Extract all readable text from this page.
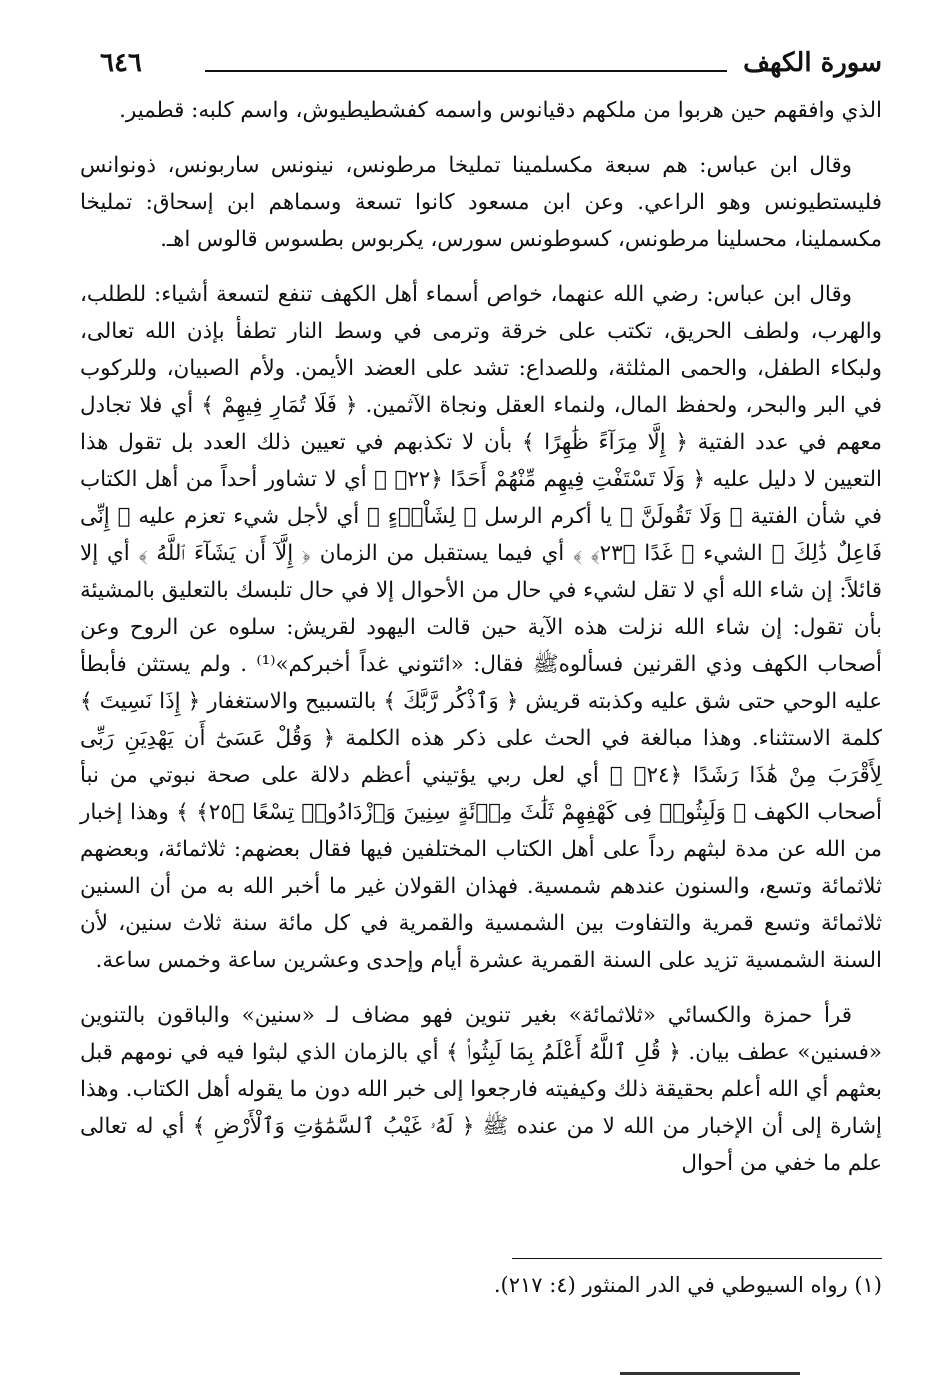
سورة الكهف
٦٤٦

الذي وافقهم حين هربوا من ملكهم دقيانوس واسمه كفشطيطيوش، واسم كلبه: قطمير.

وقال ابن عباس: هم سبعة مكسلمينا تمليخا مرطونس، نينونس ساربونس، ذونوانس فليستطيونس وهو الراعي. وعن ابن مسعود كانوا تسعة وسماهم ابن إسحاق: تمليخا مكسملينا، محسلينا مرطونس، كسوطونس سورس، يكربوس بطسوس قالوس اهـ.

وقال ابن عباس: رضي الله عنهما، خواص أسماء أهل الكهف تنفع لتسعة أشياء: للطلب، والهرب، ولطف الحريق، تكتب على خرقة وترمى في وسط النار تطفأ بإذن الله تعالى، ولبكاء الطفل، والحمى المثلثة، وللصداع: تشد على العضد الأيمن. ولأم الصبيان، وللركوب في البر والبحر، ولحفظ المال، ولنماء العقل ونجاة الآثمين. ﴿ فَلَا تُمَارِ فِيهِمْ ﴾ أي فلا تجادل معهم في عدد الفتية ﴿ إِلَّا مِرَآءً ظَٰهِرًا ﴾ بأن لا تكذبهم في تعيين ذلك العدد بل تقول هذا التعيين لا دليل عليه ﴿ وَلَا تَسْتَفْتِ فِيهِم مِّنْهُمْ أَحَدًا ﴿٢٢﴾ ﴾ أي لا تشاور أحداً من أهل الكتاب في شأن الفتية ﴿ وَلَا تَقُولَنَّ ﴾ يا أكرم الرسل ﴿ لِشَاْىۡءٍ ﴾ أي لأجل شيء تعزم عليه ﴿ إِنِّى فَاعِلٌ ذَٰلِكَ ﴾ الشيء ﴿ غَدًا ﴿٢٣﴾ ﴾ أي فيما يستقبل من الزمان ﴿ إِلَّآ أَن يَشَآءَ ٱللَّهُ ﴾ أي إلا قائلاً: إن شاء الله أي لا تقل لشيء في حال من الأحوال إلا في حال تلبسك بالتعليق بالمشيئة بأن تقول: إن شاء الله نزلت هذه الآية حين قالت اليهود لقريش: سلوه عن الروح وعن أصحاب الكهف وذي القرنين فسألوهﷺ فقال: «ائتوني غداً أخبركم»⁽¹⁾ . ولم يستثن فأبطأ عليه الوحي حتى شق عليه وكذبته قريش ﴿ وَٱذْكُر رَّبَّكَ ﴾ بالتسبيح والاستغفار ﴿ إِذَا نَسِيتَ ﴾ كلمة الاستثناء. وهذا مبالغة في الحث على ذكر هذه الكلمة ﴿ وَقُلْ عَسَىٰٓ أَن يَهْدِيَنِ رَبِّى لِأَقْرَبَ مِنْ هَٰذَا رَشَدًا ﴿٢٤﴾ ﴾ أي لعل ربي يؤتيني أعظم دلالة على صحة نبوتي من نبأ أصحاب الكهف ﴿ وَلَبِثُوا۟ فِى كَهْفِهِمْ ثَلَٰثَ مِا۟ئَةٍ سِنِينَ وَٱزْدَادُوا۟ تِسْعًا ﴿٢٥﴾ ﴾ وهذا إخبار من الله عن مدة لبثهم رداً على أهل الكتاب المختلفين فيها فقال بعضهم: ثلاثمائة، وبعضهم ثلاثمائة وتسع، والسنون عندهم شمسية. فهذان القولان غير ما أخبر الله به من أن السنين ثلاثمائة وتسع قمرية والتفاوت بين الشمسية والقمرية في كل مائة سنة ثلاث سنين، لأن السنة الشمسية تزيد على السنة القمرية عشرة أيام وإحدى وعشرين ساعة وخمس ساعة.

قرأ حمزة والكسائي «ثلاثمائة» بغير تنوين فهو مضاف لـ «سنين» والباقون بالتنوين «فسنين» عطف بيان. ﴿ قُلِ ٱللَّهُ أَعْلَمُ بِمَا لَبِثُوا۟ ﴾ أي بالزمان الذي لبثوا فيه في نومهم قبل بعثهم أي الله أعلم بحقيقة ذلك وكيفيته فارجعوا إلى خبر الله دون ما يقوله أهل الكتاب. وهذا إشارة إلى أن الإخبار من الله لا من عنده ﷺ ﴿ لَهُۥ غَيْبُ ٱلسَّمَٰوَٰتِ وَٱلْأَرْضِ ﴾ أي له تعالى علم ما خفي من أحوال

(١) رواه السيوطي في الدر المنثور (٤: ٢١٧).
